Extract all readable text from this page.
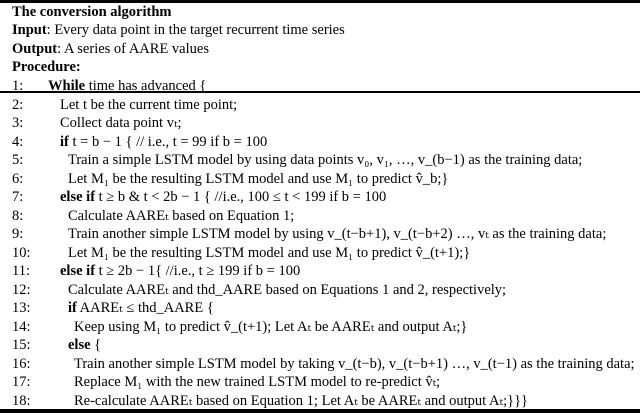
The conversion algorithm
Input: Every data point in the target recurrent time series
Output: A series of AARE values
Procedure:
1:	While time has advanced {
2:	Let t be the current time point;
3:	Collect data point vₜ;
4:	if t = b − 1 { // i.e., t = 99 if b = 100
5:	Train a simple LSTM model by using data points v₀, v₁, …, v_(b−1) as the training data;
6:	Let M₁ be the resulting LSTM model and use M₁ to predict v̂_b;}
7:	else if t ≥ b & t < 2b − 1 { //i.e., 100 ≤ t < 199 if b = 100
8:	Calculate AAREₜ based on Equation 1;
9:	Train another simple LSTM model by using v_(t−b+1), v_(t−b+2) …, vₜ as the training data;
10:	Let M₁ be the resulting LSTM model and use M₁ to predict v̂_(t+1);}
11:	else if t ≥ 2b − 1{ //i.e., t ≥ 199 if b = 100
12:	Calculate AAREₜ and thd_AARE based on Equations 1 and 2, respectively;
13:	if AAREₜ ≤ thd_AARE {
14:	Keep using M₁ to predict v̂_(t+1); Let Aₜ be AAREₜ and output Aₜ;}
15:	else {
16:	Train another simple LSTM model by taking v_(t−b), v_(t−b+1) …, v_(t−1) as the training data;
17:	Replace M₁ with the new trained LSTM model to re-predict v̂ₜ;
18:	Re-calculate AAREₜ based on Equation 1; Let Aₜ be AAREₜ and output Aₜ;}}}
